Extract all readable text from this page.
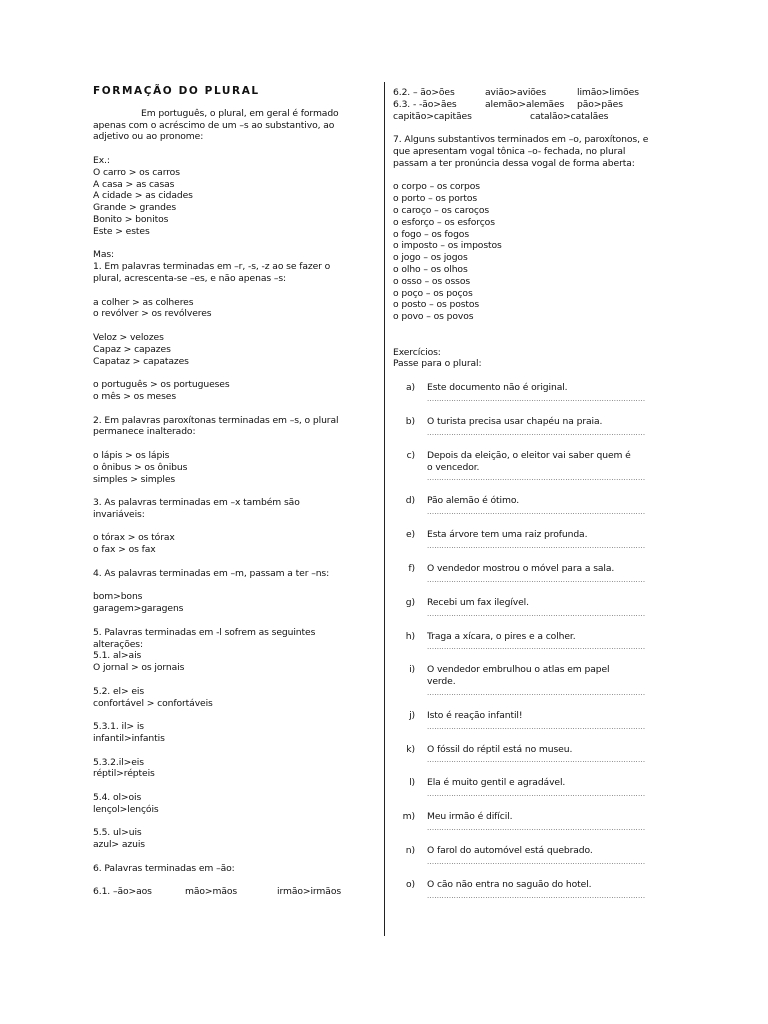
FORMAÇÃO DO PLURAL
Em português, o plural, em geral é formado
apenas com o acréscimo de um –s ao substantivo, ao
adjetivo ou ao pronome:
Ex.:
O carro > os carros
A casa > as casas
A cidade > as cidades
Grande > grandes
Bonito > bonitos
Este > estes
Mas:
1. Em palavras terminadas em –r, -s, -z ao se fazer o
plural, acrescenta-se –es, e não apenas –s:
a colher > as colheres
o revólver > os revólveres
Veloz > velozes
Capaz > capazes
Capataz > capatazes
o português > os portugueses
o mês > os meses
2. Em palavras paroxítonas terminadas em –s, o plural
permanece inalterado:
o lápis > os lápis
o ônibus > os ônibus
simples > simples
3. As palavras terminadas em –x também são
invariáveis:
o tórax > os tórax
o fax > os fax
4. As palavras terminadas em –m, passam a ter –ns:
bom>bons
garagem>garagens
5. Palavras terminadas em -l sofrem as seguintes
alterações:
5.1. al>ais
O jornal > os jornais
5.2. el> eis
confortável > confortáveis
5.3.1. il> is
infantil>infantis
5.3.2.il>eis
réptil>répteis
5.4. ol>ois
lençol>lençóis
5.5. ul>uis
azul> azuis
6. Palavras terminadas em –ão:
6.1. –ão>aos	mão>mãos	irmão>irmãos
6.2. – ão>ões	avião>aviões	limão>limões
6.3. - -ão>ães	alemão>alemães	pão>pães
capitão>capitães	catalão>catalães
7. Alguns substantivos terminados em –o, paroxítonos, e
que apresentam vogal tônica –o- fechada, no plural
passam a ter pronúncia dessa vogal de forma aberta:
o corpo – os corpos
o porto – os portos
o caroço – os caroços
o esforço – os esforços
o fogo – os fogos
o imposto – os impostos
o jogo – os jogos
o olho – os olhos
o osso – os ossos
o poço – os poços
o posto – os postos
o povo – os povos
Exercícios:
Passe para o plural:
a)	Este documento não é original.
..........................................................................................
b)	O turista precisa usar chapéu na praia.
..........................................................................................
c)	Depois da eleição, o eleitor vai saber quem é
o vencedor.
..........................................................................................
d)	Pão alemão é ótimo.
..........................................................................................
e)	Esta árvore tem uma raiz profunda.
..........................................................................................
f)	O vendedor mostrou o móvel para a sala.
..........................................................................................
g)	Recebi um fax ilegível.
..........................................................................................
h)	Traga a xícara, o pires e a colher.
..........................................................................................
i)	O vendedor embrulhou o atlas em papel
verde.
..........................................................................................
j)	Isto é reação infantil!
..........................................................................................
k)	O fóssil do réptil está no museu.
..........................................................................................
l)	Ela é muito gentil e agradável.
..........................................................................................
m)	Meu irmão é difícil.
..........................................................................................
n)	O farol do automóvel está quebrado.
..........................................................................................
o)	O cão não entra no saguão do hotel.
..........................................................................................
